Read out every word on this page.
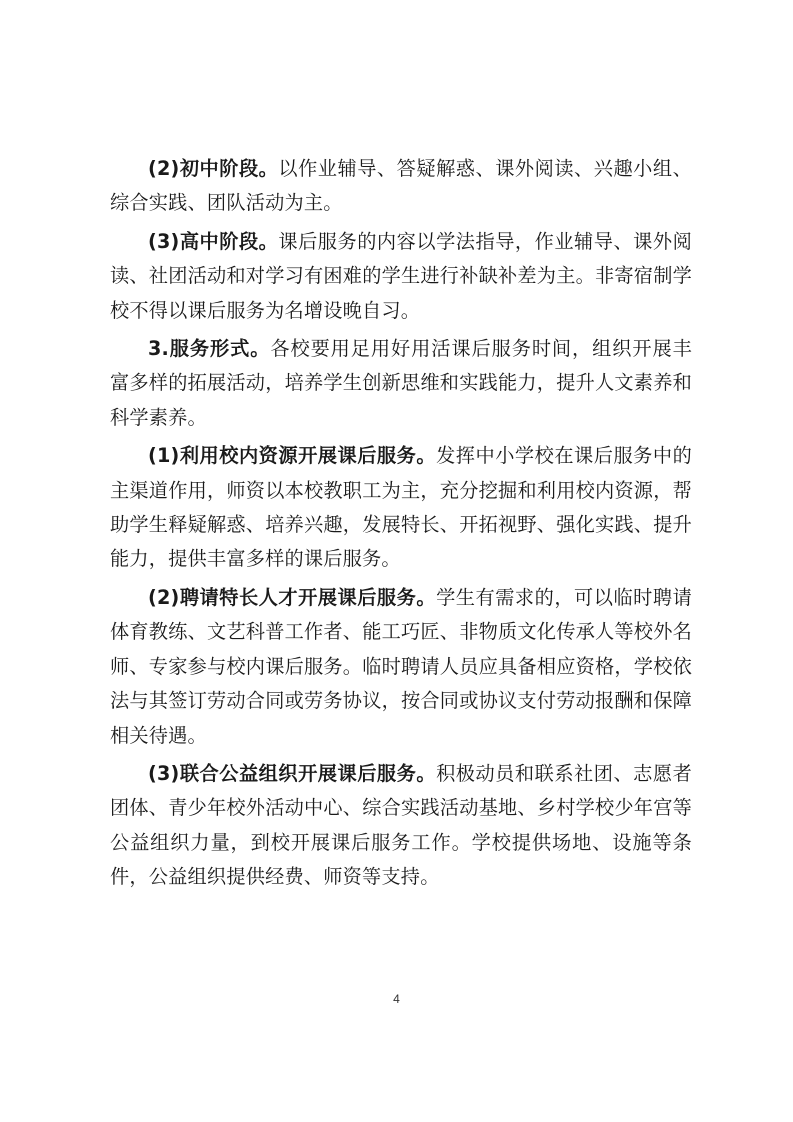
(2)初中阶段。以作业辅导、答疑解惑、课外阅读、兴趣小组、综合实践、团队活动为主。

(3)高中阶段。课后服务的内容以学法指导，作业辅导、课外阅读、社团活动和对学习有困难的学生进行补缺补差为主。非寄宿制学校不得以课后服务为名增设晚自习。

3.服务形式。各校要用足用好用活课后服务时间，组织开展丰富多样的拓展活动，培养学生创新思维和实践能力，提升人文素养和科学素养。

(1)利用校内资源开展课后服务。发挥中小学校在课后服务中的主渠道作用，师资以本校教职工为主，充分挖掘和利用校内资源，帮助学生释疑解惑、培养兴趣，发展特长、开拓视野、强化实践、提升能力，提供丰富多样的课后服务。

(2)聘请特长人才开展课后服务。学生有需求的，可以临时聘请体育教练、文艺科普工作者、能工巧匠、非物质文化传承人等校外名师、专家参与校内课后服务。临时聘请人员应具备相应资格，学校依法与其签订劳动合同或劳务协议，按合同或协议支付劳动报酬和保障相关待遇。

(3)联合公益组织开展课后服务。积极动员和联系社团、志愿者团体、青少年校外活动中心、综合实践活动基地、乡村学校少年宫等公益组织力量，到校开展课后服务工作。学校提供场地、设施等条件，公益组织提供经费、师资等支持。

4
